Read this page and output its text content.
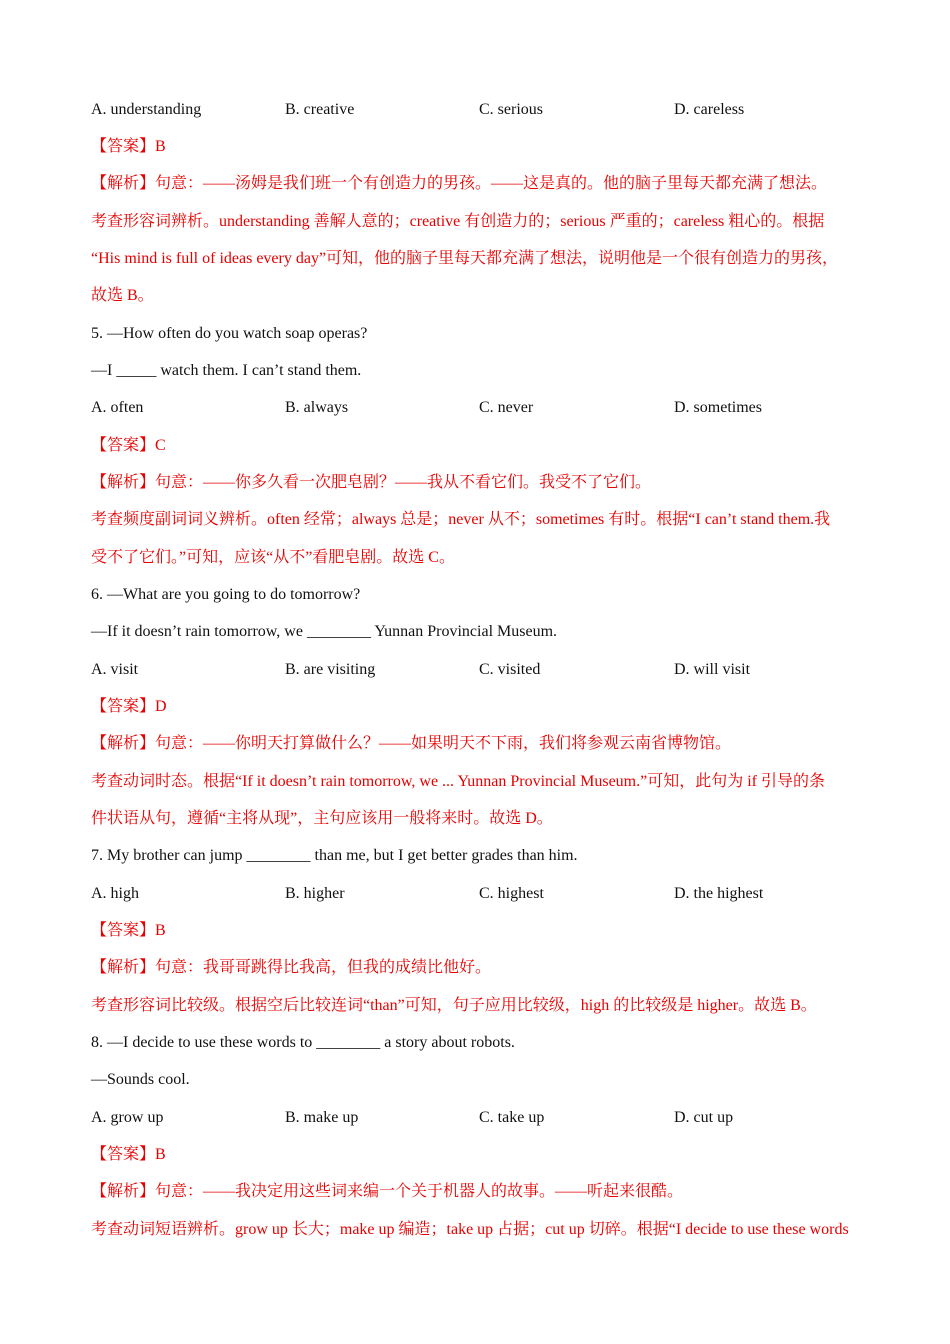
A. understanding	B. creative	C. serious	D. careless
【答案】B
【解析】句意：——汤姆是我们班一个有创造力的男孩。——这是真的。他的脑子里每天都充满了想法。
考查形容词辨析。understanding 善解人意的；creative 有创造力的；serious 严重的；careless 粗心的。根据
“His mind is full of ideas every day”可知，他的脑子里每天都充满了想法，说明他是一个很有创造力的男孩，
故选 B。
5. —How often do you watch soap operas?
—I _____ watch them. I can’t stand them.
A. often	B. always	C. never	D. sometimes
【答案】C
【解析】句意：——你多久看一次肥皂剧？——我从不看它们。我受不了它们。
考查频度副词词义辨析。often 经常；always 总是；never 从不；sometimes 有时。根据“I can’t stand them.我
受不了它们。”可知，应该“从不”看肥皂剧。故选 C。
6. —What are you going to do tomorrow?
—If it doesn’t rain tomorrow, we ________ Yunnan Provincial Museum.
A. visit	B. are visiting	C. visited	D. will visit
【答案】D
【解析】句意：——你明天打算做什么？——如果明天不下雨，我们将参观云南省博物馆。
考查动词时态。根据“If it doesn’t rain tomorrow, we ... Yunnan Provincial Museum.”可知，此句为 if 引导的条
件状语从句，遵循“主将从现”，主句应该用一般将来时。故选 D。
7. My brother can jump ________ than me, but I get better grades than him.
A. high	B. higher	C. highest	D. the highest
【答案】B
【解析】句意：我哥哥跳得比我高，但我的成绩比他好。
考查形容词比较级。根据空后比较连词“than”可知，句子应用比较级，high 的比较级是 higher。故选 B。
8. —I decide to use these words to ________ a story about robots.
—Sounds cool.
A. grow up	B. make up	C. take up	D. cut up
【答案】B
【解析】句意：——我决定用这些词来编一个关于机器人的故事。——听起来很酷。
考查动词短语辨析。grow up 长大；make up 编造；take up 占据；cut up 切碎。根据“I decide to use these words
